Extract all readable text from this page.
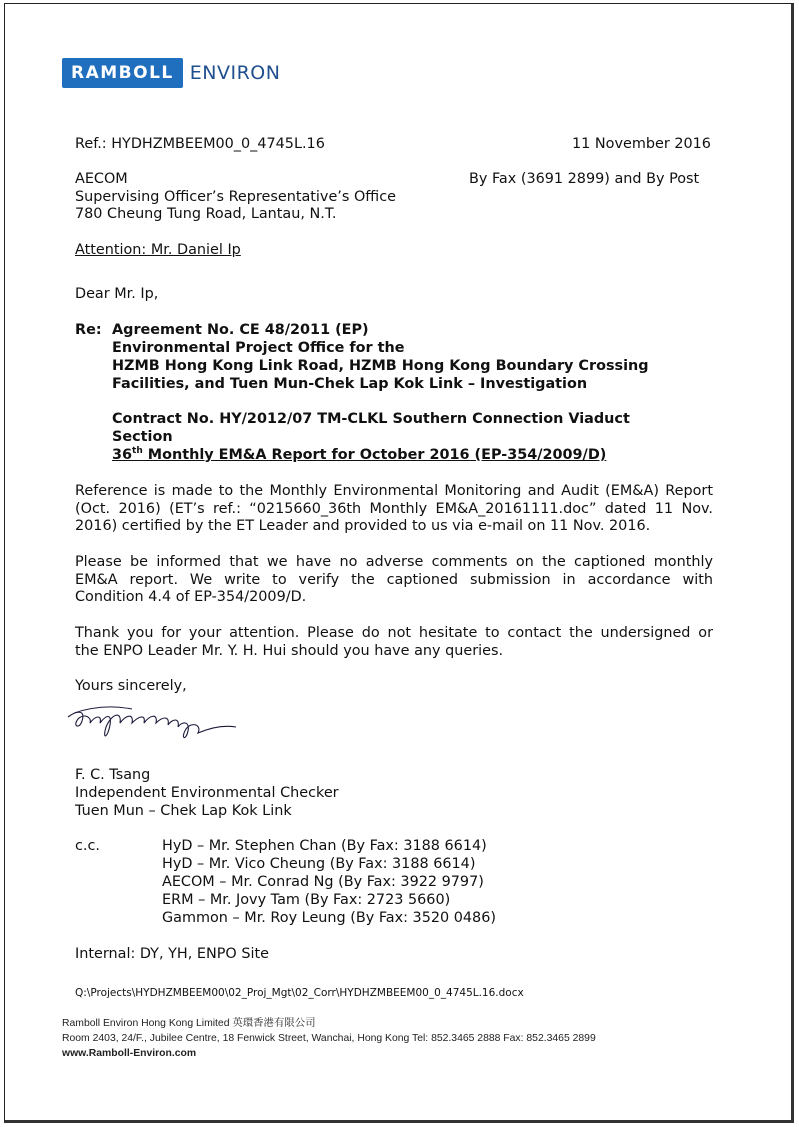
RAMBOLL ENVIRON
Ref.: HYDHZMBEEM00_0_4745L.16	11 November 2016
AECOM	By Fax (3691 2899) and By Post
Supervising Officer’s Representative’s Office
780 Cheung Tung Road, Lantau, N.T.
Attention: Mr. Daniel Ip
Dear Mr. Ip,
Re: Agreement No. CE 48/2011 (EP)
Environmental Project Office for the
HZMB Hong Kong Link Road, HZMB Hong Kong Boundary Crossing
Facilities, and Tuen Mun-Chek Lap Kok Link – Investigation
Contract No. HY/2012/07 TM-CLKL Southern Connection Viaduct
Section
36th Monthly EM&A Report for October 2016 (EP-354/2009/D)
Reference is made to the Monthly Environmental Monitoring and Audit (EM&A) Report
(Oct. 2016) (ET’s ref.: “0215660_36th Monthly EM&A_20161111.doc” dated 11 Nov.
2016) certified by the ET Leader and provided to us via e-mail on 11 Nov. 2016.
Please be informed that we have no adverse comments on the captioned monthly
EM&A report. We write to verify the captioned submission in accordance with
Condition 4.4 of EP-354/2009/D.
Thank you for your attention. Please do not hesitate to contact the undersigned or
the ENPO Leader Mr. Y. H. Hui should you have any queries.
Yours sincerely,
F. C. Tsang
Independent Environmental Checker
Tuen Mun – Chek Lap Kok Link
c.c.	HyD – Mr. Stephen Chan (By Fax: 3188 6614)
HyD – Mr. Vico Cheung (By Fax: 3188 6614)
AECOM – Mr. Conrad Ng (By Fax: 3922 9797)
ERM – Mr. Jovy Tam (By Fax: 2723 5660)
Gammon – Mr. Roy Leung (By Fax: 3520 0486)
Internal: DY, YH, ENPO Site
Q:\Projects\HYDHZMBEEM00\02_Proj_Mgt\02_Corr\HYDHZMBEEM00_0_4745L.16.docx
Ramboll Environ Hong Kong Limited 英環香港有限公司
Room 2403, 24/F., Jubilee Centre, 18 Fenwick Street, Wanchai, Hong Kong Tel: 852.3465 2888 Fax: 852.3465 2899
www.Ramboll-Environ.com
